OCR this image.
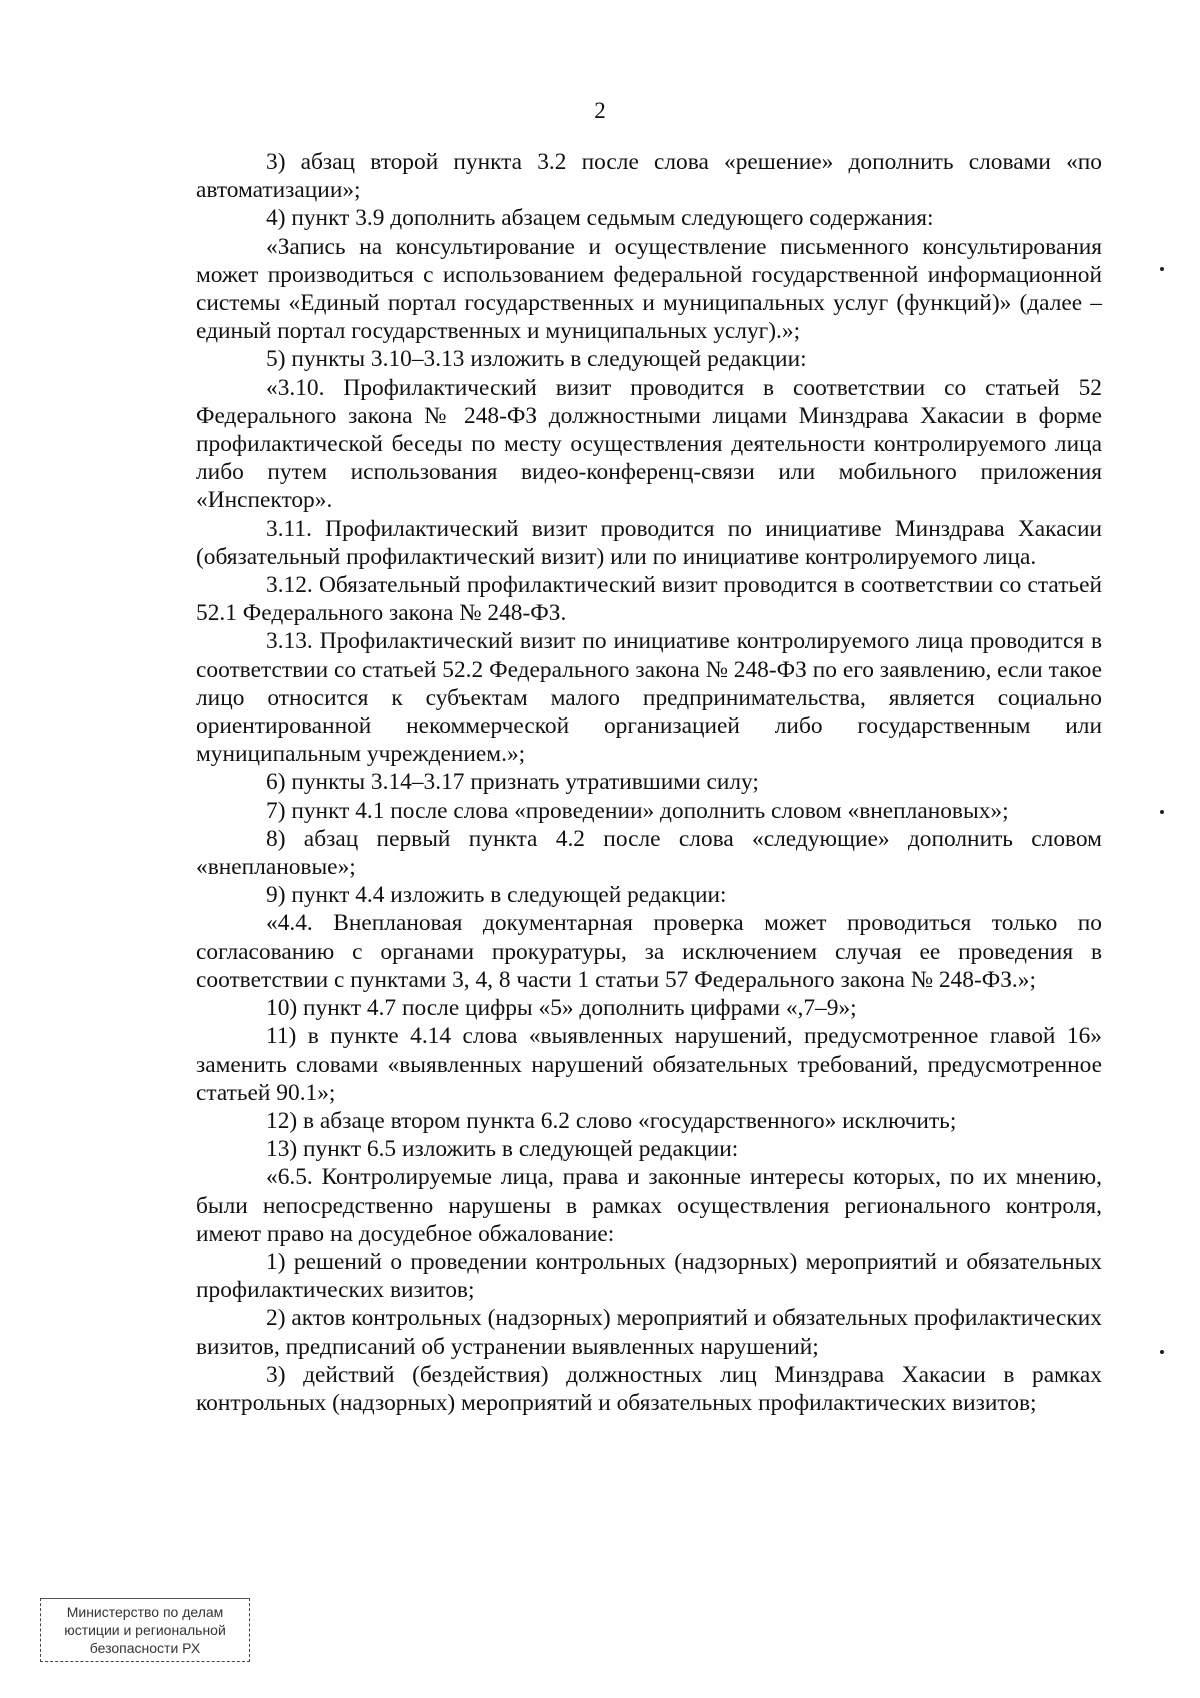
2

3) абзац второй пункта 3.2 после слова «решение» дополнить словами «по автоматизации»;

4) пункт 3.9 дополнить абзацем седьмым следующего содержания:

«Запись на консультирование и осуществление письменного консультирования может производиться с использованием федеральной государственной информационной системы «Единый портал государственных и муниципальных услуг (функций)» (далее – единый портал государственных и муниципальных услуг).»;

5) пункты 3.10–3.13 изложить в следующей редакции:

«3.10. Профилактический визит проводится в соответствии со статьей 52 Федерального закона № 248-ФЗ должностными лицами Минздрава Хакасии в форме профилактической беседы по месту осуществления деятельности контролируемого лица либо путем использования видео-конференц-связи или мобильного приложения «Инспектор».

3.11. Профилактический визит проводится по инициативе Минздрава Хакасии (обязательный профилактический визит) или по инициативе контролируемого лица.

3.12. Обязательный профилактический визит проводится в соответствии со статьей 52.1 Федерального закона № 248-ФЗ.

3.13. Профилактический визит по инициативе контролируемого лица проводится в соответствии со статьей 52.2 Федерального закона № 248-ФЗ по его заявлению, если такое лицо относится к субъектам малого предпринимательства, является социально ориентированной некоммерческой организацией либо государственным или муниципальным учреждением.»;

6) пункты 3.14–3.17 признать утратившими силу;

7) пункт 4.1 после слова «проведении» дополнить словом «внеплановых»;

8) абзац первый пункта 4.2 после слова «следующие» дополнить словом «внеплановые»;

9) пункт 4.4 изложить в следующей редакции:

«4.4. Внеплановая документарная проверка может проводиться только по согласованию с органами прокуратуры, за исключением случая ее проведения в соответствии с пунктами 3, 4, 8 части 1 статьи 57 Федерального закона № 248-ФЗ.»;

10) пункт 4.7 после цифры «5» дополнить цифрами «,7–9»;

11) в пункте 4.14 слова «выявленных нарушений, предусмотренное главой 16» заменить словами «выявленных нарушений обязательных требований, предусмотренное статьей 90.1»;

12) в абзаце втором пункта 6.2 слово «государственного» исключить;

13) пункт 6.5 изложить в следующей редакции:

«6.5. Контролируемые лица, права и законные интересы которых, по их мнению, были непосредственно нарушены в рамках осуществления регионального контроля, имеют право на досудебное обжалование:

1) решений о проведении контрольных (надзорных) мероприятий и обязательных профилактических визитов;

2) актов контрольных (надзорных) мероприятий и обязательных профилактических визитов, предписаний об устранении выявленных нарушений;

3) действий (бездействия) должностных лиц Минздрава Хакасии в рамках контрольных (надзорных) мероприятий и обязательных профилактических визитов;

Министерство по делам
юстиции и региональной
безопасности РХ
